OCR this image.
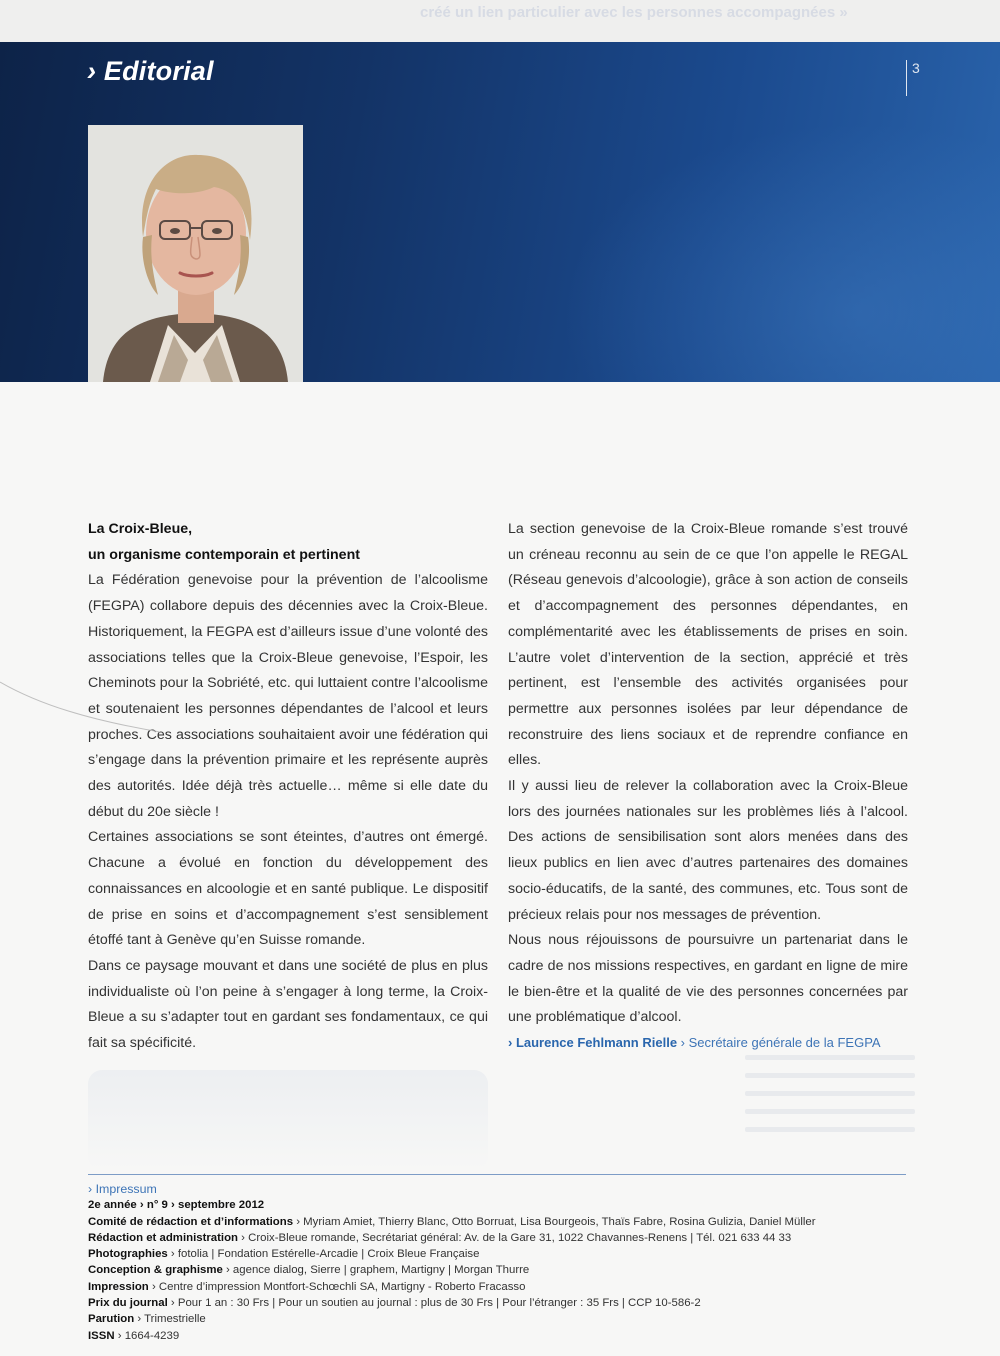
créé un lien particulier avec les personnes accompagnées »
› Editorial	3
La Croix-Bleue,
un organisme contemporain et pertinent

La Fédération genevoise pour la prévention de l’alcoolisme (FEGPA) collabore depuis des décennies avec la Croix-Bleue. Historiquement, la FEGPA est d’ailleurs issue d’une volonté des associations telles que la Croix-Bleue genevoise, l’Espoir, les Cheminots pour la Sobriété, etc. qui luttaient contre l’alcoolisme et soutenaient les personnes dépendantes de l’alcool et leurs proches. Ces associations souhaitaient avoir une fédération qui s’engage dans la prévention primaire et les représente auprès des autorités. Idée déjà très actuelle… même si elle date du début du 20e siècle !

Certaines associations se sont éteintes, d’autres ont émergé. Chacune a évolué en fonction du développement des connaissances en alcoologie et en santé publique. Le dispositif de prise en soins et d’accompagnement s’est sensiblement étoffé tant à Genève qu’en Suisse romande.

Dans ce paysage mouvant et dans une société de plus en plus individualiste où l’on peine à s’engager à long terme, la Croix-Bleue a su s’adapter tout en gardant ses fondamentaux, ce qui fait sa spécificité.

La section genevoise de la Croix-Bleue romande s’est trouvé un créneau reconnu au sein de ce que l’on appelle le REGAL (Réseau genevois d’alcoologie), grâce à son action de conseils et d’accompagnement des personnes dépendantes, en complémentarité avec les établissements de prises en soin. L’autre volet d’intervention de la section, apprécié et très pertinent, est l’ensemble des activités organisées pour permettre aux personnes isolées par leur dépendance de reconstruire des liens sociaux et de reprendre confiance en elles.

Il y aussi lieu de relever la collaboration avec la Croix-Bleue lors des journées nationales sur les problèmes liés à l’alcool. Des actions de sensibilisation sont alors menées dans des lieux publics en lien avec d’autres partenaires des domaines socio-éducatifs, de la santé, des communes, etc. Tous sont de précieux relais pour nos messages de prévention.

Nous nous réjouissons de poursuivre un partenariat dans le cadre de nos missions respectives, en gardant en ligne de mire le bien-être et la qualité de vie des personnes concernées par une problématique d’alcool.

› Laurence Fehlmann Rielle › Secrétaire générale de la FEGPA
› Impressum
2e année › n° 9 › septembre 2012
Comité de rédaction et d’informations › Myriam Amiet, Thierry Blanc, Otto Borruat, Lisa Bourgeois, Thaïs Fabre, Rosina Gulizia, Daniel Müller
Rédaction et administration › Croix-Bleue romande, Secrétariat général: Av. de la Gare 31, 1022 Chavannes-Renens | Tél. 021 633 44 33
Photographies › fotolia | Fondation Estérelle-Arcadie | Croix Bleue Française
Conception & graphisme › agence dialog, Sierre | graphem, Martigny | Morgan Thurre
Impression › Centre d’impression Montfort-Schœchli SA, Martigny - Roberto Fracasso
Prix du journal › Pour 1 an : 30 Frs | Pour un soutien au journal : plus de 30 Frs | Pour l’étranger : 35 Frs | CCP 10-586-2
Parution › Trimestrielle
ISSN › 1664-4239
